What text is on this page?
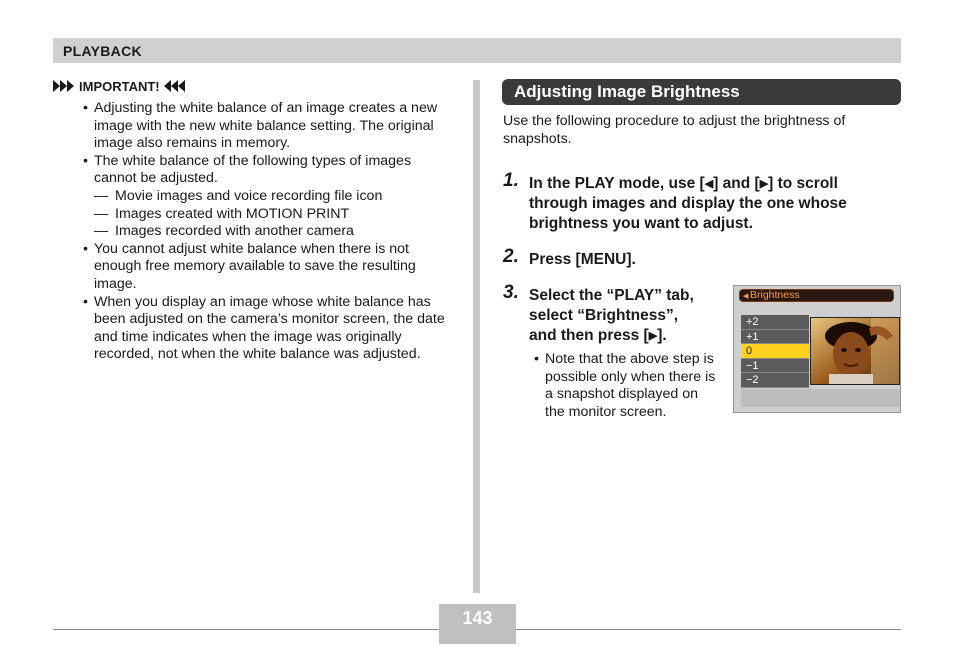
PLAYBACK
IMPORTANT!
• Adjusting the white balance of an image creates a new image with the new white balance setting. The original image also remains in memory.
• The white balance of the following types of images cannot be adjusted.
— Movie images and voice recording file icon
— Images created with MOTION PRINT
— Images recorded with another camera
• You cannot adjust white balance when there is not enough free memory available to save the resulting image.
• When you display an image whose white balance has been adjusted on the camera’s monitor screen, the date and time indicates when the image was originally recorded, not when the white balance was adjusted.
Adjusting Image Brightness
Use the following procedure to adjust the brightness of snapshots.
1. In the PLAY mode, use [◀] and [▶] to scroll
through images and display the one whose
brightness you want to adjust.
2. Press [MENU].
3. Select the “PLAY” tab,
select “Brightness”,
and then press [▶].
• Note that the above step is possible only when there is a snapshot displayed on the monitor screen.
◀ Brightness
+2
+1
0
−1
−2
143
